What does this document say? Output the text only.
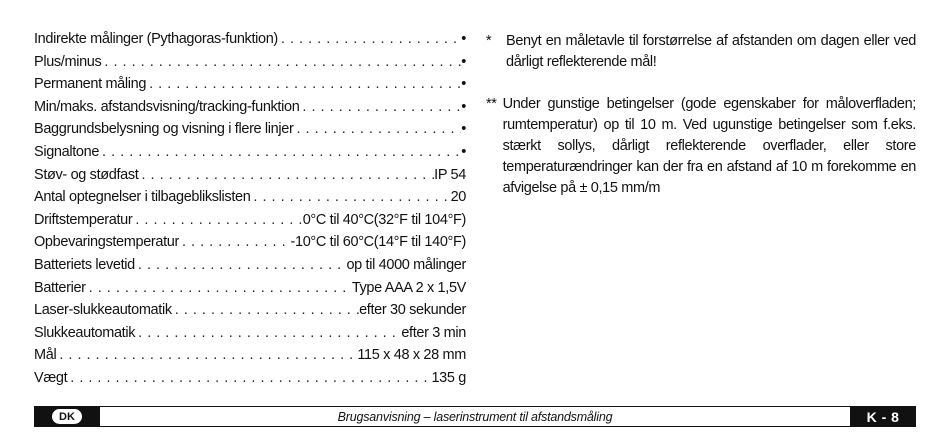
Indirekte målinger (Pythagoras-funktion) . . .	•
Plus/minus . . .	•
Permanent måling . . .	•
Min/maks. afstandsvisning/tracking-funktion . . .	•
Baggrundsbelysning og visning i flere linjer . . .	•
Signaltone . . .	•
Støv- og stødfast . . .	IP 54
Antal optegnelser i tilbageblikslisten . . .	20
Driftstemperatur . . .	0°C til 40°C(32°F til 104°F)
Opbevaringstemperatur . . .	-10°C til 60°C(14°F til 140°F)
Batteriets levetid . . .	op til 4000 målinger
Batterier . . .	Type AAA 2 x 1,5V
Laser-slukkeautomatik . . .	efter 30 sekunder
Slukkeautomatik . . .	efter 3 min
Mål . . .	115 x 48 x 28 mm
Vægt . . .	135 g
*	Benyt en måletavle til forstørrelse af afstanden om dagen eller ved dårligt reflekterende mål!
** Under gunstige betingelser (gode egenskaber for måloverfladen; rumtemperatur) op til 10 m. Ved ugunstige betingelser som f.eks. stærkt sollys, dårligt reflekterende overflader, eller store temperaturændringer kan der fra en afstand af 10 m forekomme en afvigelse på ± 0,15 mm/m
DK	Brugsanvisning – laserinstrument til afstandsmåling	K - 8
